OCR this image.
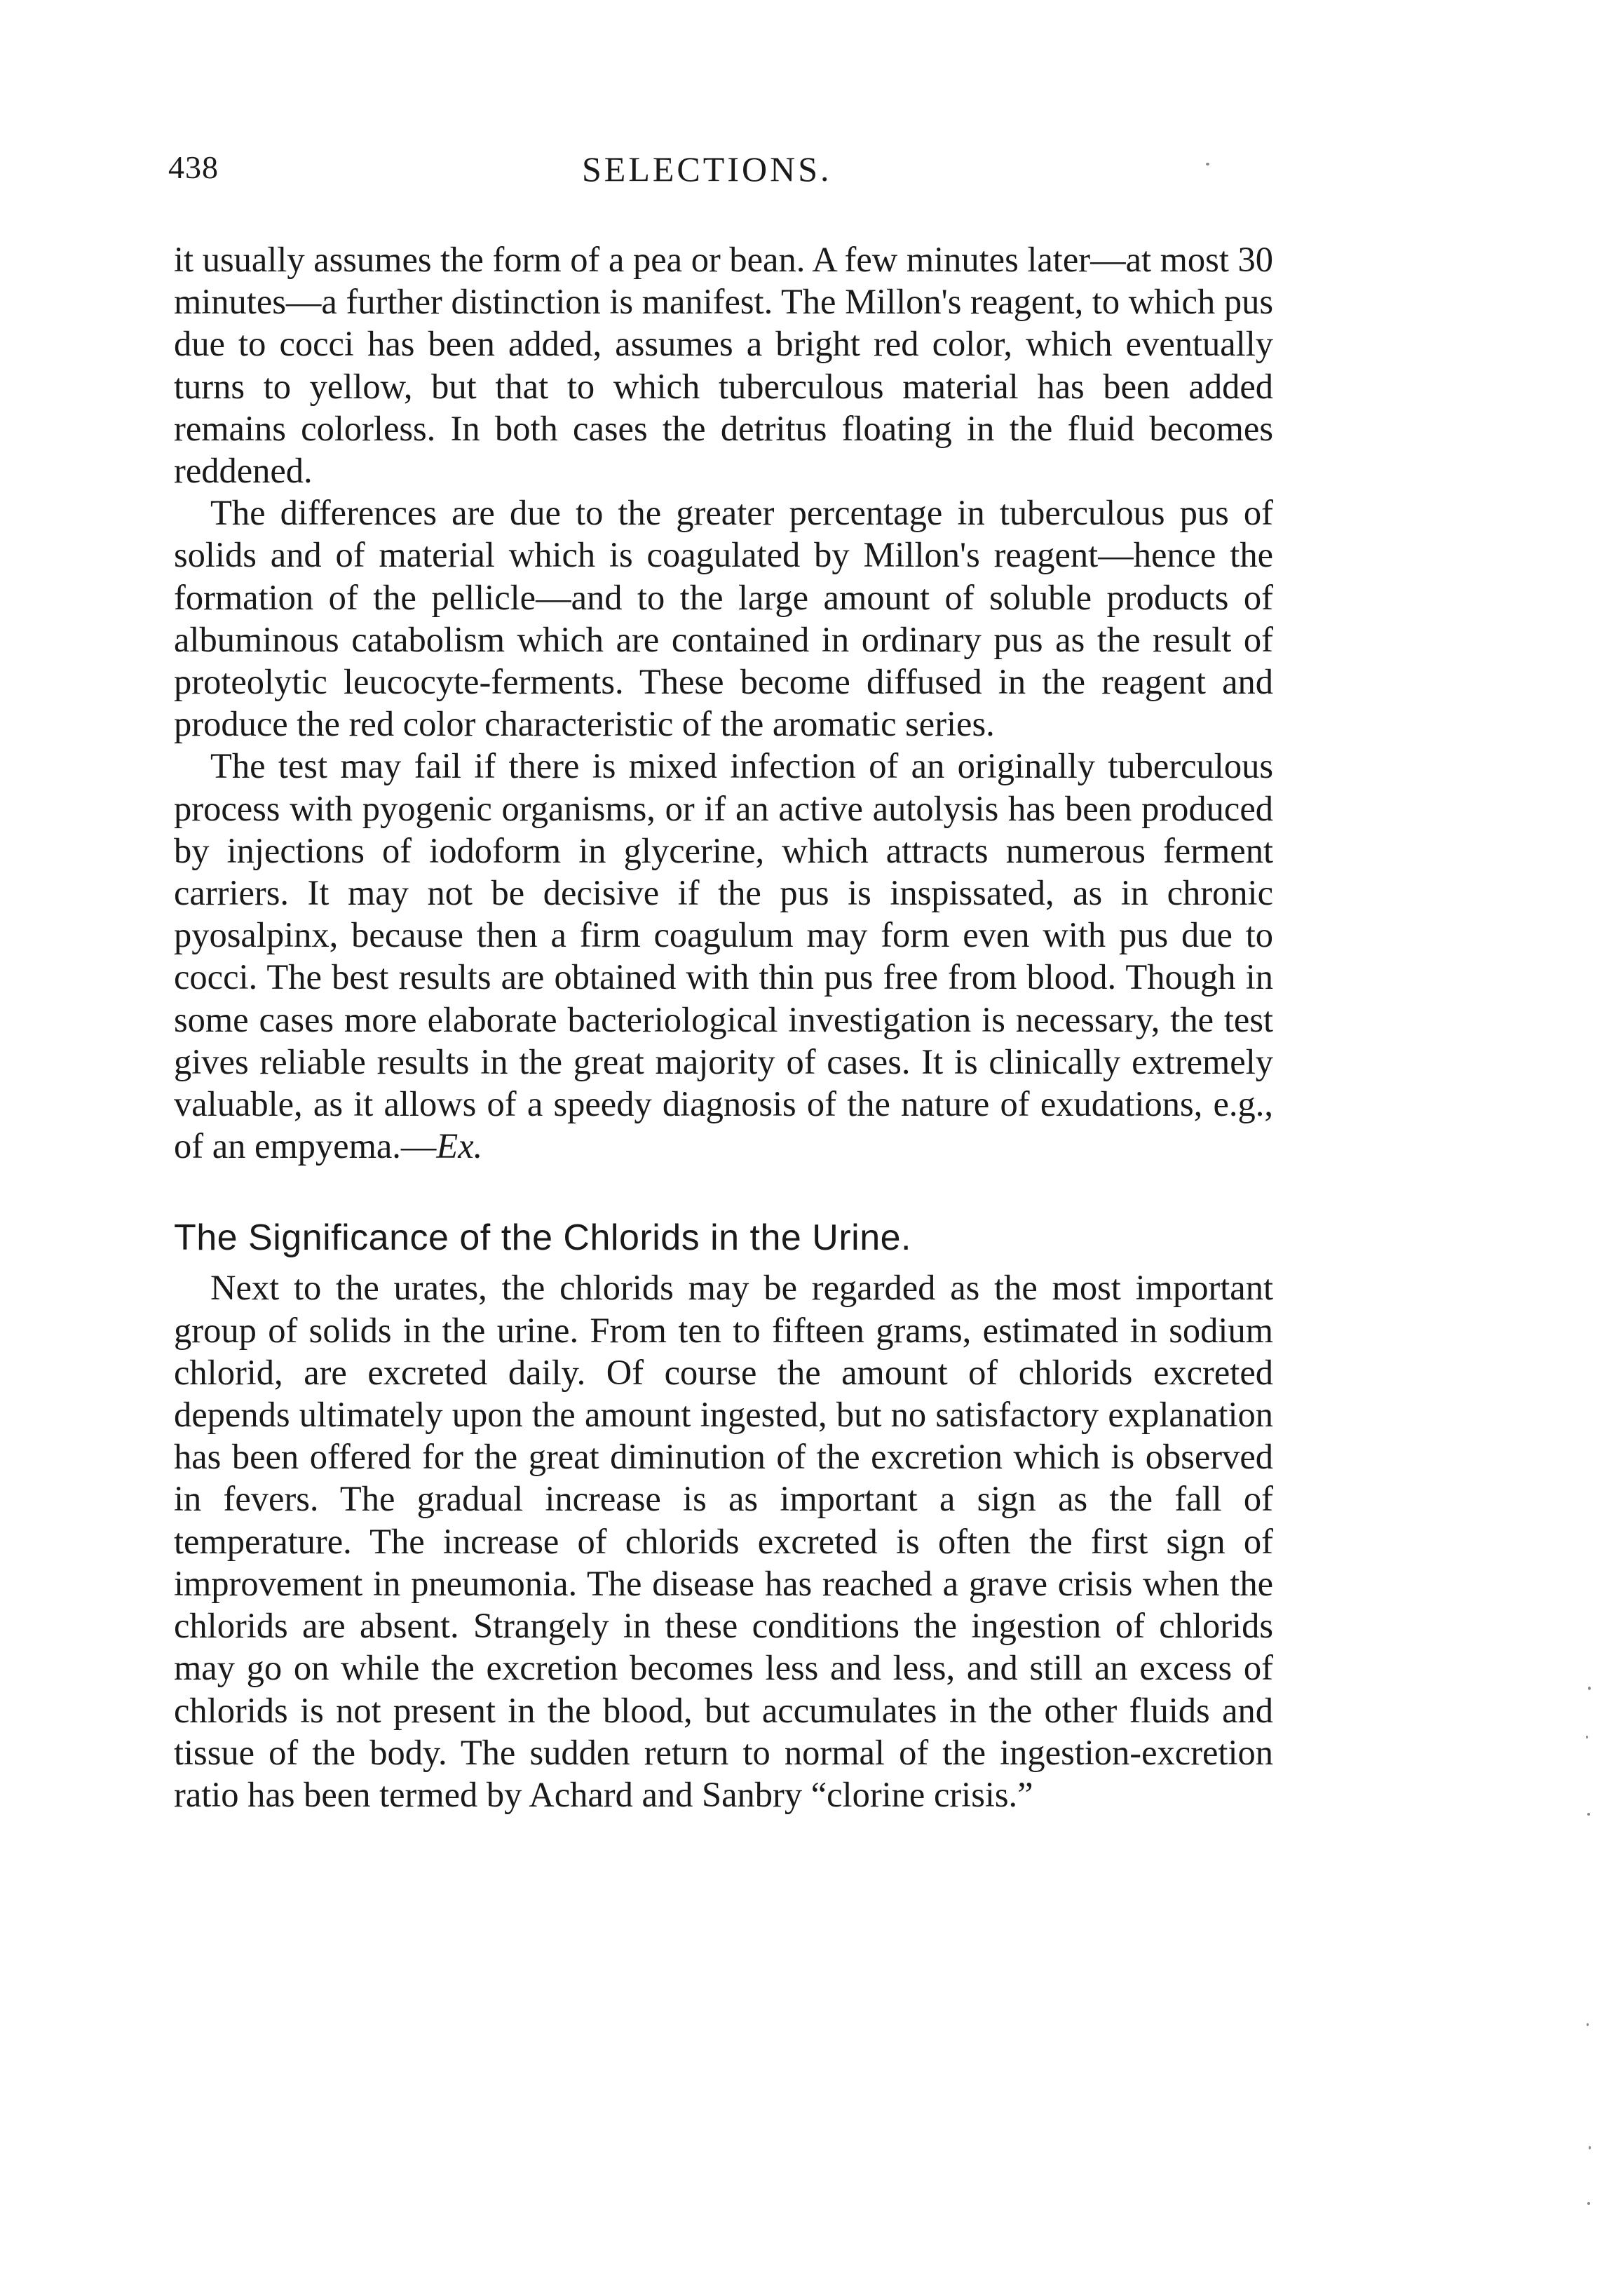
438	SELECTIONS.

it usually assumes the form of a pea or bean. A few minutes later—at most 30 minutes—a further distinction is manifest. The Millon's reagent, to which pus due to cocci has been added, assumes a bright red color, which eventually turns to yellow, but that to which tuberculous material has been added remains colorless. In both cases the detritus floating in the fluid becomes reddened.

The differences are due to the greater percentage in tuberculous pus of solids and of material which is coagulated by Millon's reagent—hence the formation of the pellicle—and to the large amount of soluble products of albuminous catabolism which are contained in ordinary pus as the result of proteolytic leucocyte-ferments. These become diffused in the reagent and produce the red color characteristic of the aromatic series.

The test may fail if there is mixed infection of an originally tuberculous process with pyogenic organisms, or if an active autolysis has been produced by injections of iodoform in glycerine, which attracts numerous ferment carriers. It may not be decisive if the pus is inspissated, as in chronic pyosalpinx, because then a firm coagulum may form even with pus due to cocci. The best results are obtained with thin pus free from blood. Though in some cases more elaborate bacteriological investigation is necessary, the test gives reliable results in the great majority of cases. It is clinically extremely valuable, as it allows of a speedy diagnosis of the nature of exudations, e.g., of an empyema.—Ex.

The Significance of the Chlorids in the Urine.

Next to the urates, the chlorids may be regarded as the most important group of solids in the urine. From ten to fifteen grams, estimated in sodium chlorid, are excreted daily. Of course the amount of chlorids excreted depends ultimately upon the amount ingested, but no satisfactory explanation has been offered for the great diminution of the excretion which is observed in fevers. The gradual increase is as important a sign as the fall of temperature. The increase of chlorids excreted is often the first sign of improvement in pneumonia. The disease has reached a grave crisis when the chlorids are absent. Strangely in these conditions the ingestion of chlorids may go on while the excretion becomes less and less, and still an excess of chlorids is not present in the blood, but accumulates in the other fluids and tissue of the body. The sudden return to normal of the ingestion-excretion ratio has been termed by Achard and Sanbry “clorine crisis.”
